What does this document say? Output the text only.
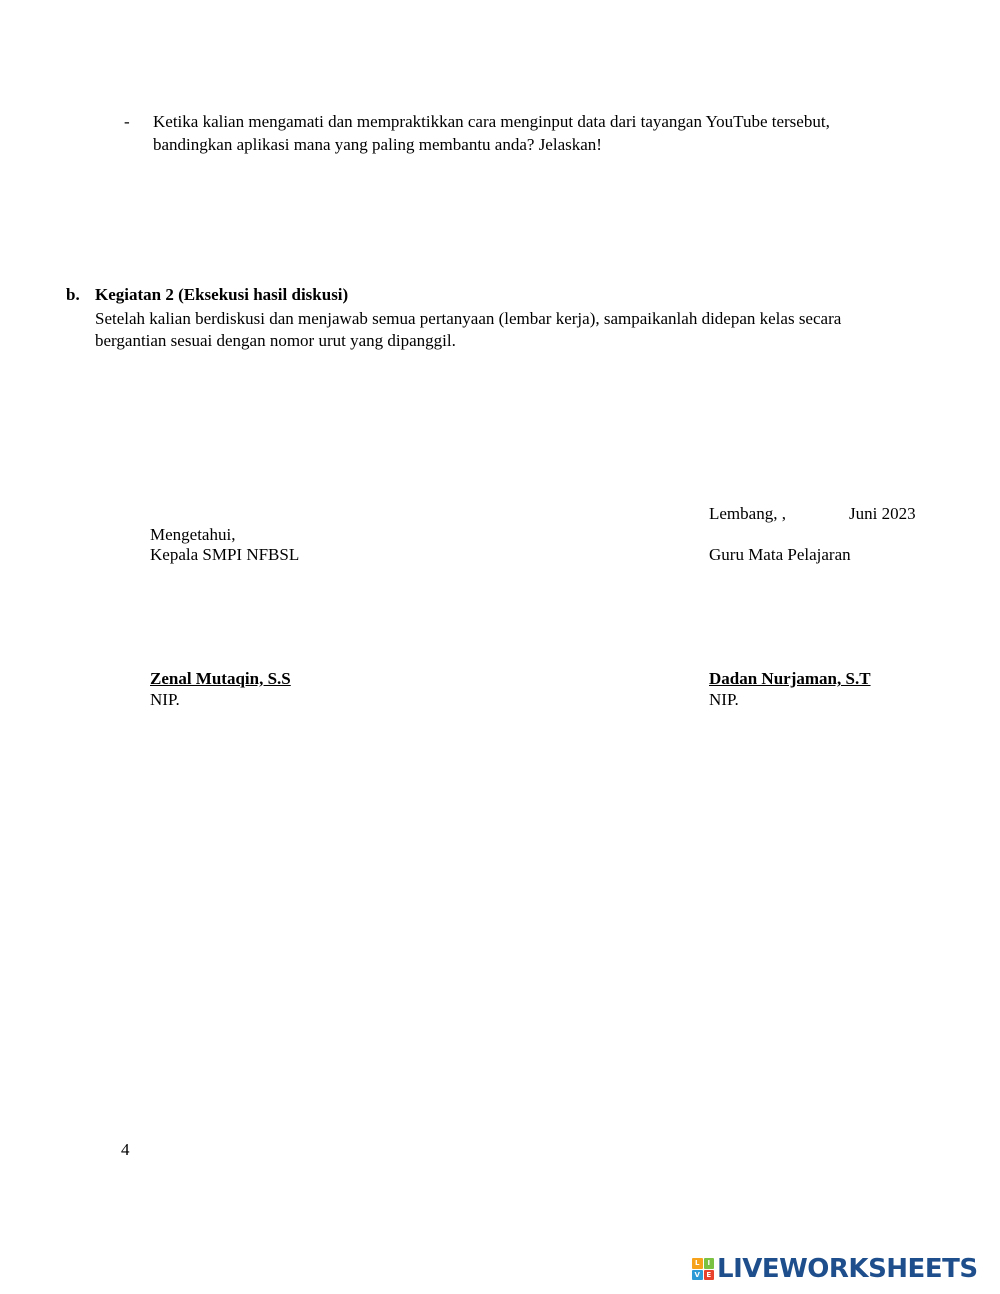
- Ketika kalian mengamati dan mempraktikkan cara menginput data dari tayangan YouTube tersebut,
bandingkan aplikasi mana yang paling membantu anda? Jelaskan!
b. Kegiatan 2 (Eksekusi hasil diskusi)
Setelah kalian berdiskusi dan menjawab semua pertanyaan (lembar kerja), sampaikanlah didepan kelas secara
bergantian sesuai dengan nomor urut yang dipanggil.
Lembang, ,	Juni 2023
Guru Mata Pelajaran
Dadan Nurjaman, S.T
NIP.
Mengetahui,
Kepala SMPI NFBSL
Zenal Mutaqin, S.S
NIP.
4
L	I
V E LIVEWORKSHEETS
